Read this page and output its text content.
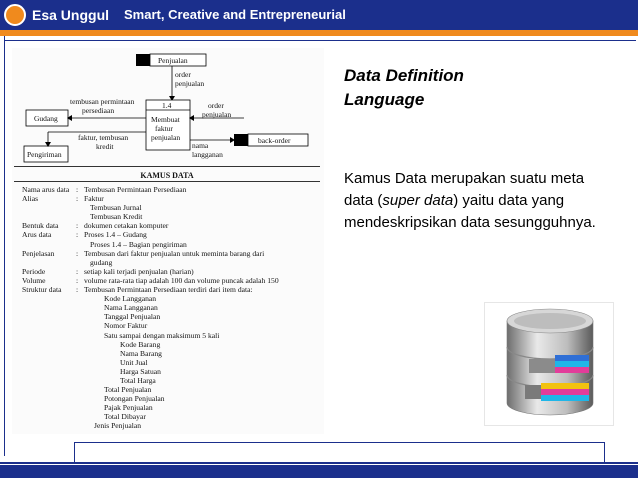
Esa Unggul Smart, Creative and Entrepreneurial
Penjualan
order
penjualan
1.4
Membuat
faktur
penjualan
Gudang
tembusan permintaan
persediaan
order
penjualan
back-order
nama
langganan
Pengiriman
faktur, tembusan
kredit
KAMUS DATA
Nama arus data : Tembusan Permintaan Persediaan
Alias	: Faktur
Tembusan Jurnal
Tembusan Kredit
Bentuk data	: dokumen cetakan komputer
Arus data	: Proses 1.4 – Gudang
Proses 1.4 – Bagian pengiriman
Penjelasan	: Tembusan dari faktur penjualan untuk meminta barang dari
gudang
Periode	: setiap kali terjadi penjualan (harian)
Volume	: volume rata-rata tiap adalah 100 dan volume puncak adalah 150
Struktur data	: Tembusan Permintaan Persediaan terdiri dari item data:
Kode Langganan
Nama Langganan
Tanggal Penjualan
Nomor Faktur
Satu sampai dengan maksimum 5 kali
Kode Barang
Nama Barang
Unit Jual
Harga Satuan
Total Harga
Total Penjualan
Potongan Penjualan
Pajak Penjualan
Total Dibayar
Jenis Penjualan
Data Definition
Language
Kamus Data merupakan suatu meta data (super data) yaitu data yang mendeskripsikan data sesungguhnya.
